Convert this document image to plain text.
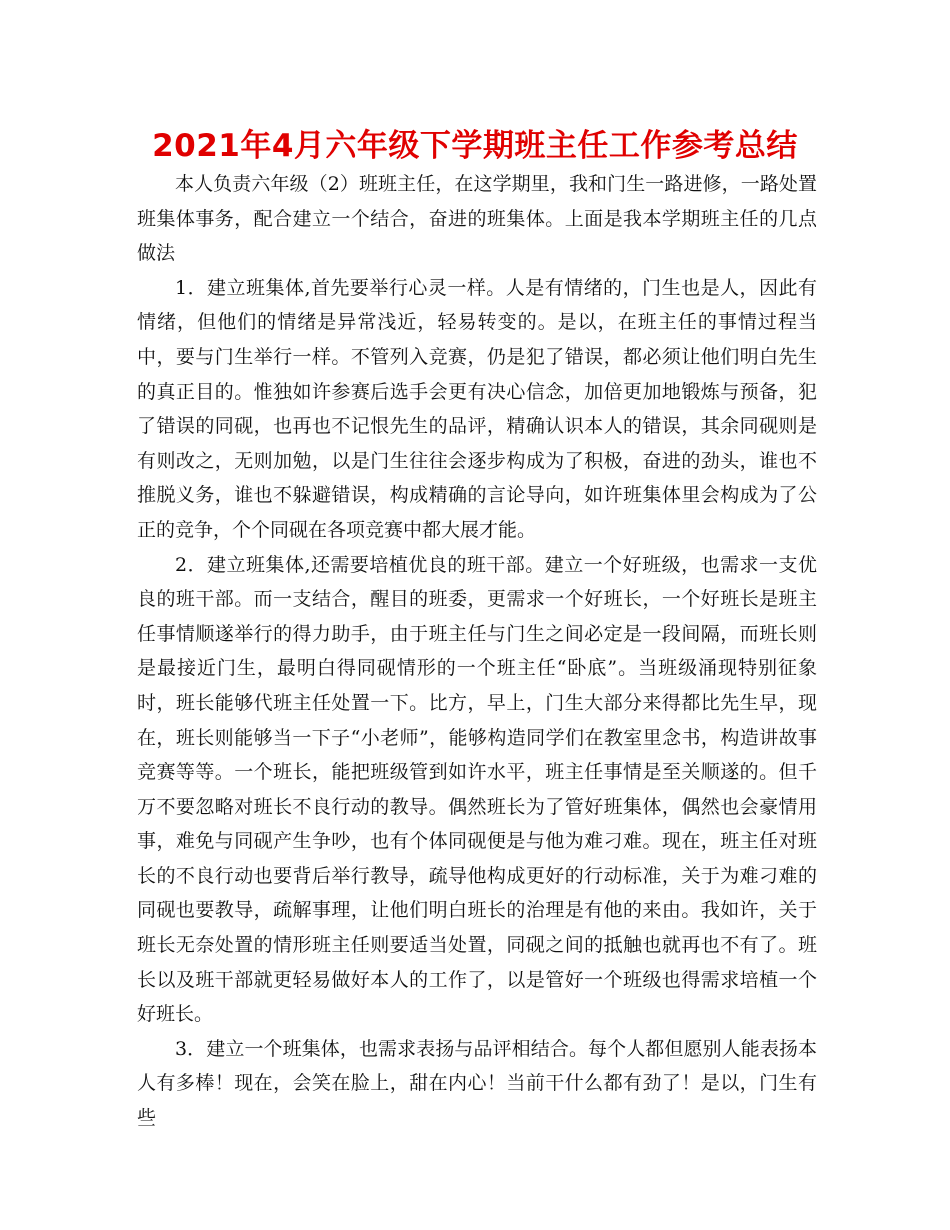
2021年4月六年级下学期班主任工作参考总结

本人负责六年级（2）班班主任，在这学期里，我和门生一路进修，一路处置班集体事务，配合建立一个结合，奋进的班集体。上面是我本学期班主任的几点做法

1．建立班集体,首先要举行心灵一样。人是有情绪的，门生也是人，因此有情绪，但他们的情绪是异常浅近，轻易转变的。是以，在班主任的事情过程当中，要与门生举行一样。不管列入竞赛，仍是犯了错误，都必须让他们明白先生的真正目的。惟独如许参赛后选手会更有决心信念，加倍更加地锻炼与预备，犯了错误的同砚，也再也不记恨先生的品评，精确认识本人的错误，其余同砚则是有则改之，无则加勉，以是门生往往会逐步构成为了积极，奋进的劲头，谁也不推脱义务，谁也不躲避错误，构成精确的言论导向，如许班集体里会构成为了公正的竞争，个个同砚在各项竞赛中都大展才能。

2．建立班集体,还需要培植优良的班干部。建立一个好班级，也需求一支优良的班干部。而一支结合，醒目的班委，更需求一个好班长，一个好班长是班主任事情顺遂举行的得力助手，由于班主任与门生之间必定是一段间隔，而班长则是最接近门生，最明白得同砚情形的一个班主任“卧底”。当班级涌现特别征象时，班长能够代班主任处置一下。比方，早上，门生大部分来得都比先生早，现在，班长则能够当一下子“小老师”，能够构造同学们在教室里念书，构造讲故事竞赛等等。一个班长，能把班级管到如许水平，班主任事情是至关顺遂的。但千万不要忽略对班长不良行动的教导。偶然班长为了管好班集体，偶然也会豪情用事，难免与同砚产生争吵，也有个体同砚便是与他为难刁难。现在，班主任对班长的不良行动也要背后举行教导，疏导他构成更好的行动标准，关于为难刁难的同砚也要教导，疏解事理，让他们明白班长的治理是有他的来由。我如许，关于班长无奈处置的情形班主任则要适当处置，同砚之间的抵触也就再也不有了。班长以及班干部就更轻易做好本人的工作了，以是管好一个班级也得需求培植一个好班长。

3．建立一个班集体，也需求表扬与品评相结合。每个人都但愿别人能表扬本人有多棒！现在，会笑在脸上，甜在内心！当前干什么都有劲了！是以，门生有些
